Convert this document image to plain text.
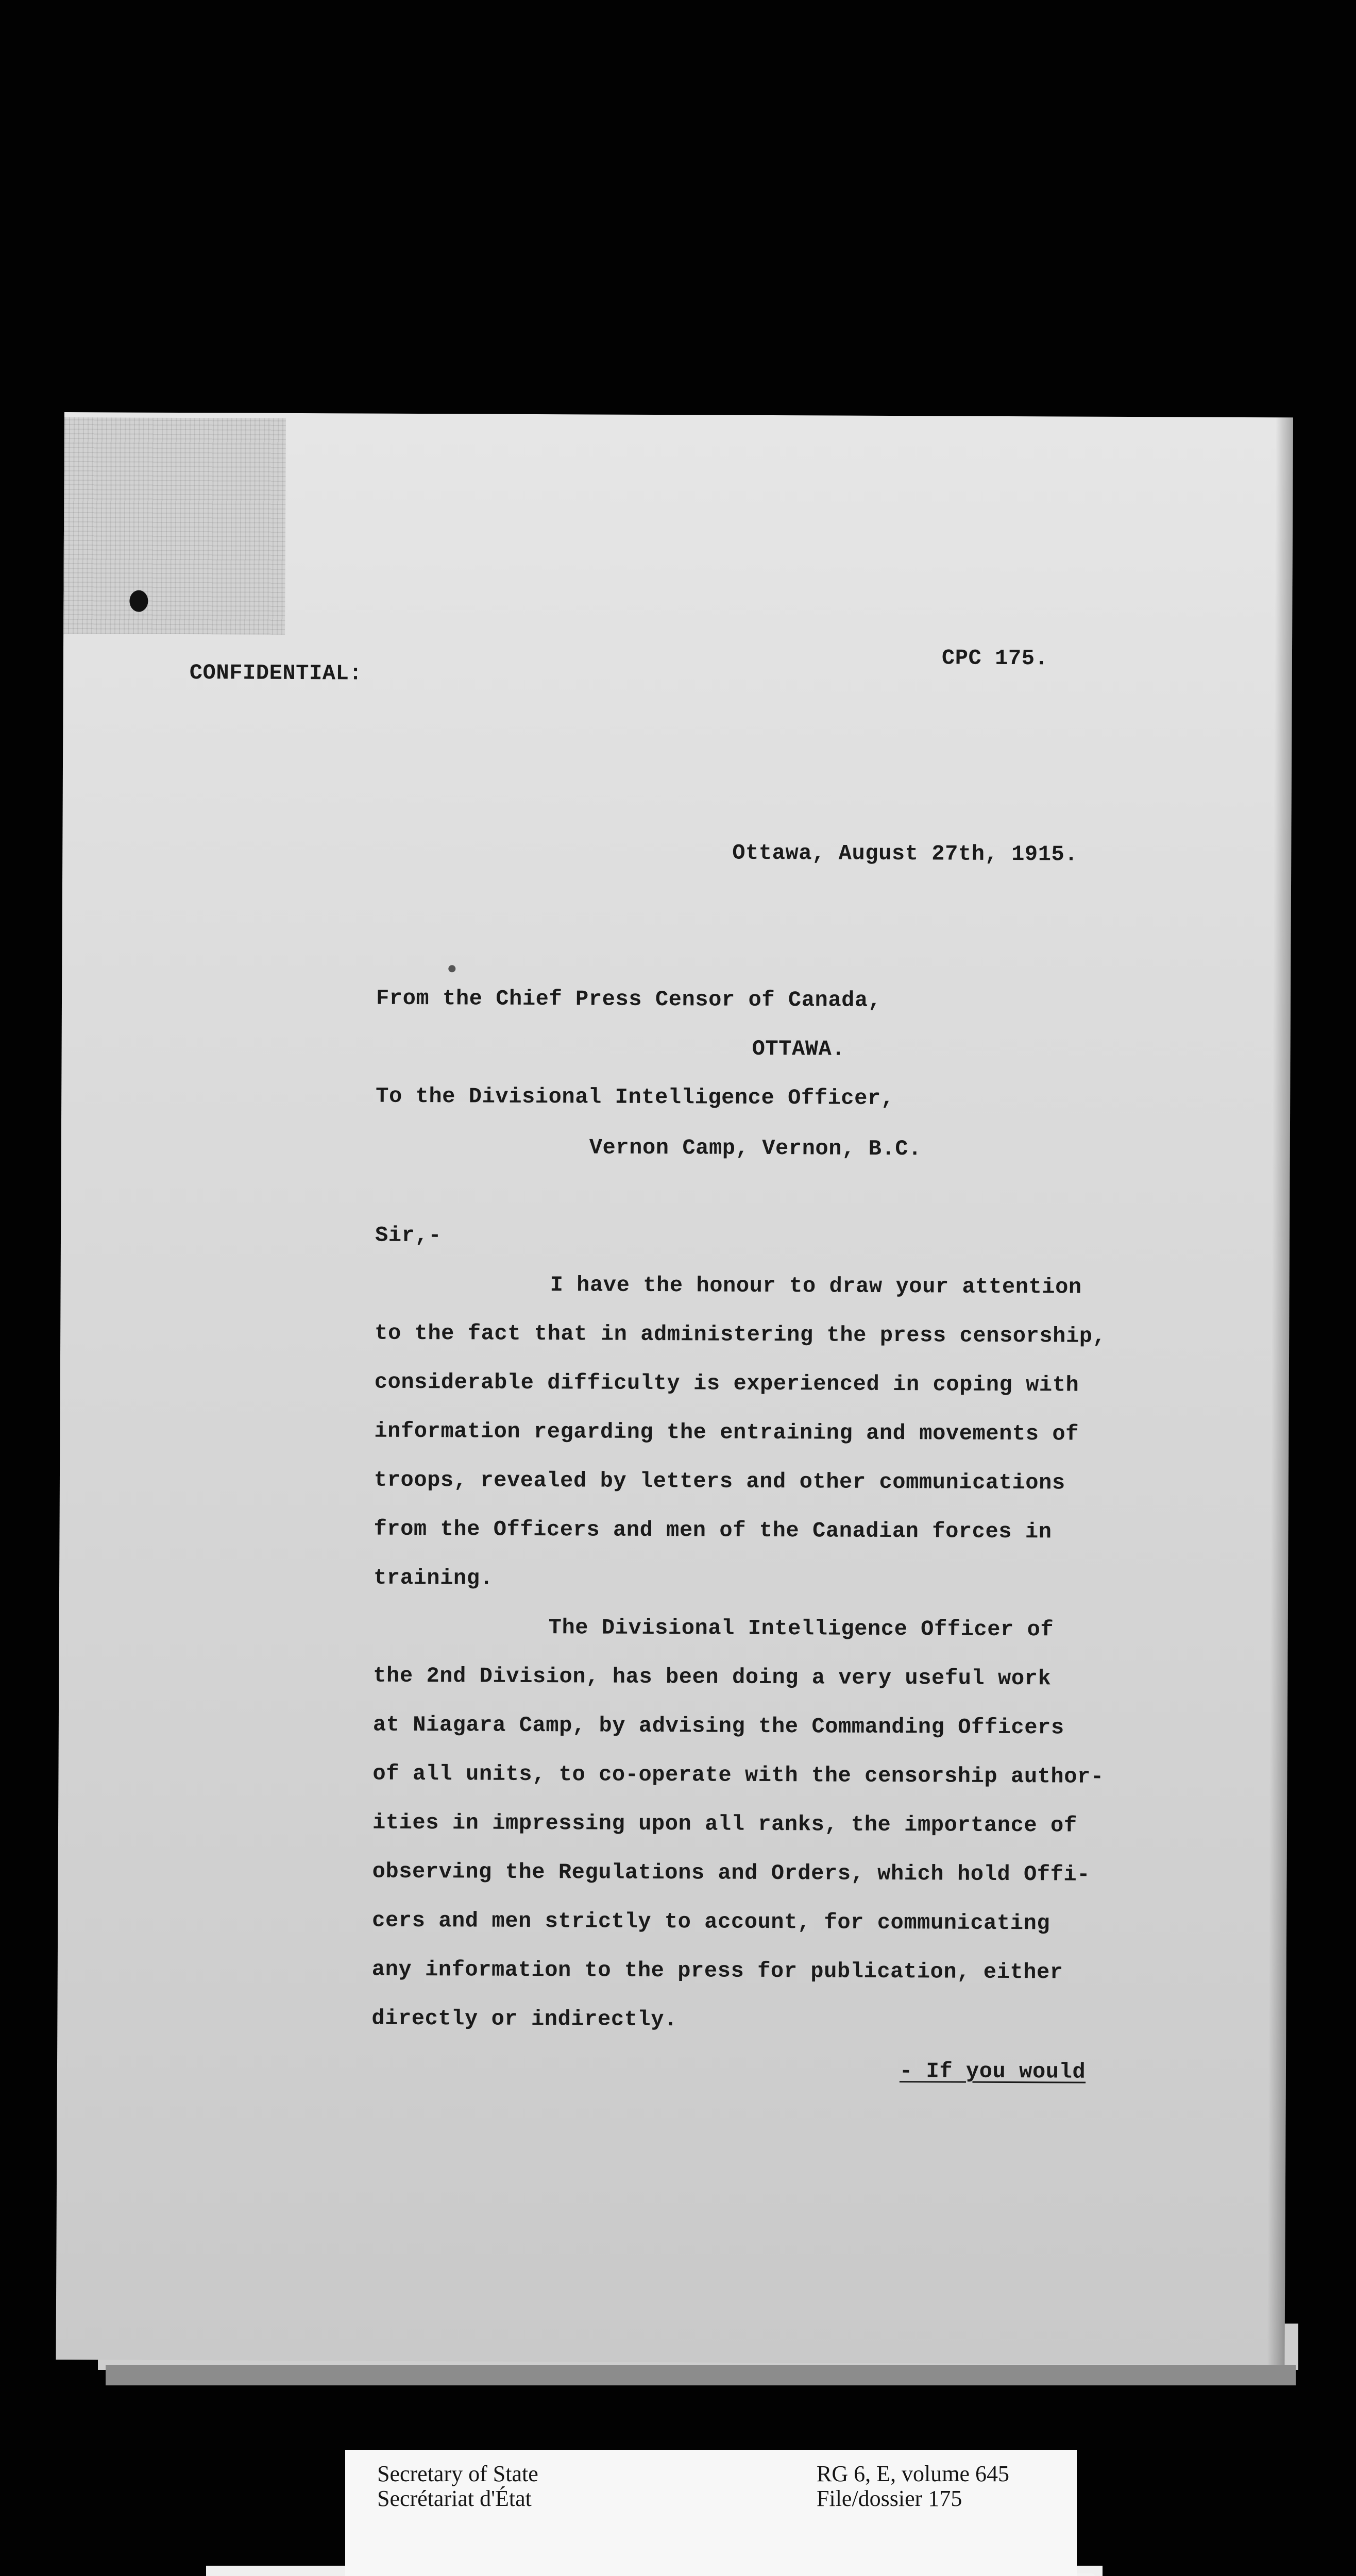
CONFIDENTIAL:

CPC 175.

Ottawa, August 27th, 1915.

From the Chief Press Censor of Canada,

OTTAWA.

To the Divisional Intelligence Officer,

Vernon Camp, Vernon, B.C.

Sir,-

I have the honour to draw your attention

to the fact that in administering the press censorship,

considerable difficulty is experienced in coping with

information regarding the entraining and movements of

troops, revealed by letters and other communications

from the Officers and men of the Canadian forces in

training.

The Divisional Intelligence Officer of

the 2nd Division, has been doing a very useful work

at Niagara Camp, by advising the Commanding Officers

of all units, to co-operate with the censorship author-

ities in impressing upon all ranks, the importance of

observing the Regulations and Orders, which hold Offi-

cers and men strictly to account, for communicating

any information to the press for publication, either

directly or indirectly.

- If you would

Secretary of State

Secrétariat d'État

RG 6, E, volume 645

File/dossier 175
